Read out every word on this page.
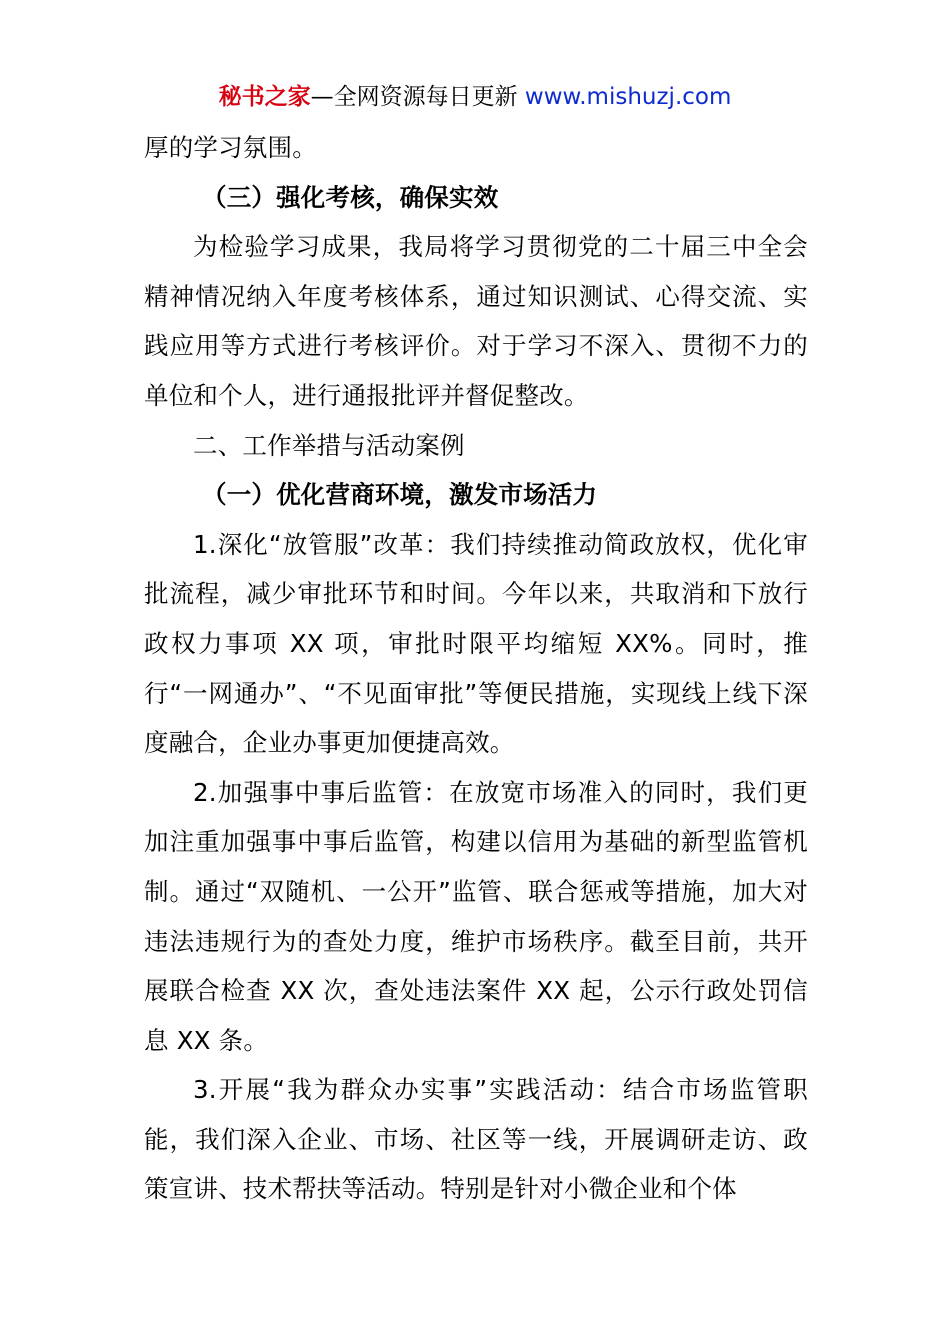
秘书之家—全网资源每日更新 www.mishuzj.com

厚的学习氛围。

（三）强化考核，确保实效

为检验学习成果，我局将学习贯彻党的二十届三中全会精神情况纳入年度考核体系，通过知识测试、心得交流、实践应用等方式进行考核评价。对于学习不深入、贯彻不力的单位和个人，进行通报批评并督促整改。

二、工作举措与活动案例

（一）优化营商环境，激发市场活力

1.深化“放管服”改革：我们持续推动简政放权，优化审批流程，减少审批环节和时间。今年以来，共取消和下放行政权力事项 XX 项，审批时限平均缩短 XX%。同时，推行“一网通办”、“不见面审批”等便民措施，实现线上线下深度融合，企业办事更加便捷高效。

2.加强事中事后监管：在放宽市场准入的同时，我们更加注重加强事中事后监管，构建以信用为基础的新型监管机制。通过“双随机、一公开”监管、联合惩戒等措施，加大对违法违规行为的查处力度，维护市场秩序。截至目前，共开展联合检查 XX 次，查处违法案件 XX 起，公示行政处罚信息 XX 条。

3.开展“我为群众办实事”实践活动：结合市场监管职能，我们深入企业、市场、社区等一线，开展调研走访、政策宣讲、技术帮扶等活动。特别是针对小微企业和个体
